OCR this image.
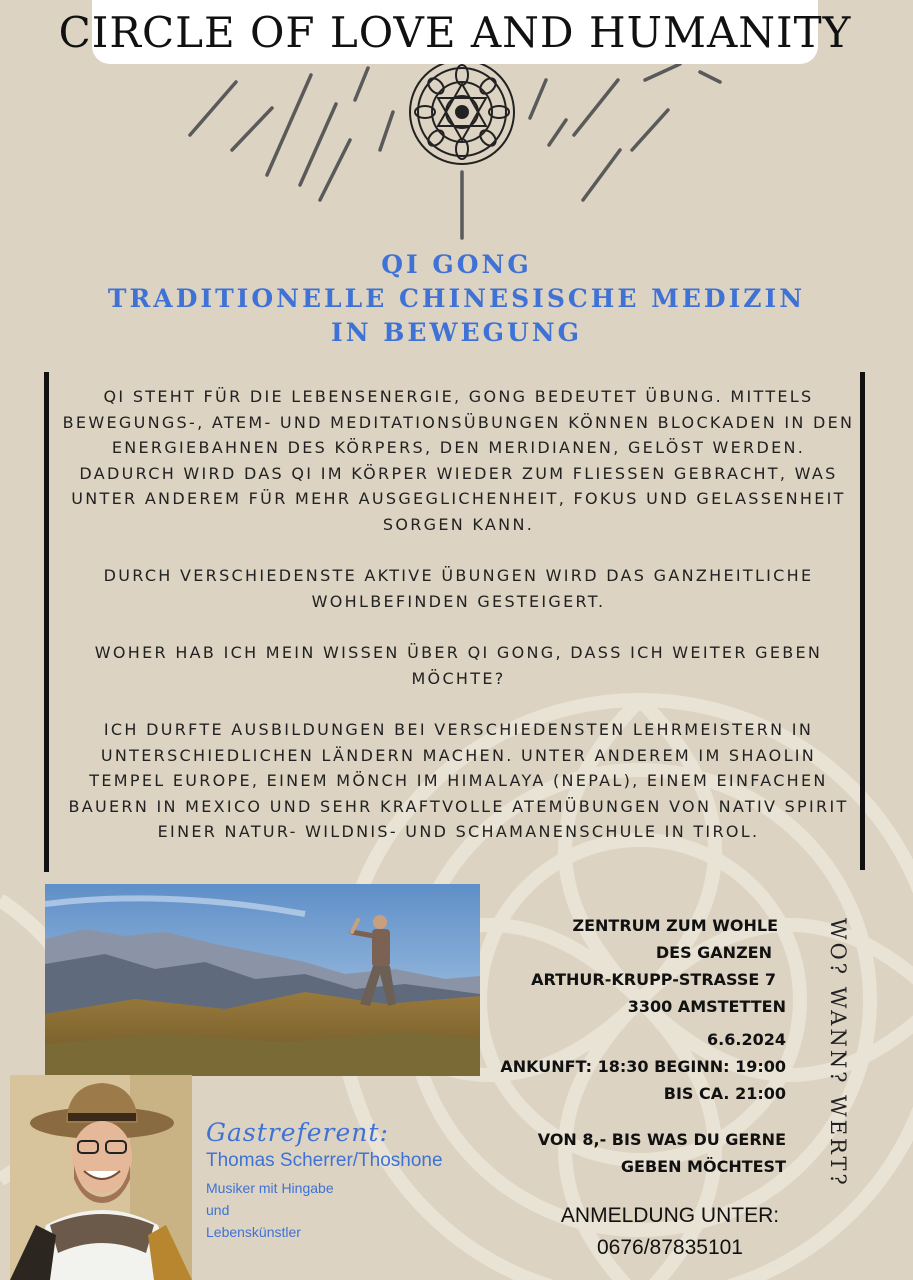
CIRCLE OF LOVE AND HUMANITY
QI GONG
TRADITIONELLE CHINESISCHE MEDIZIN
IN BEWEGUNG

QI STEHT FÜR DIE LEBENSENERGIE, GONG BEDEUTET ÜBUNG. MITTELS BEWEGUNGS-, ATEM- UND MEDITATIONSÜBUNGEN KÖNNEN BLOCKADEN IN DEN ENERGIEBAHNEN DES KÖRPERS, DEN MERIDIANEN, GELÖST WERDEN. DADURCH WIRD DAS QI IM KÖRPER WIEDER ZUM FLIESSEN GEBRACHT, WAS UNTER ANDEREM FÜR MEHR AUSGEGLICHENHEIT, FOKUS UND GELASSENHEIT SORGEN KANN.

DURCH VERSCHIEDENSTE AKTIVE ÜBUNGEN WIRD DAS GANZHEITLICHE WOHLBEFINDEN GESTEIGERT.

WOHER HAB ICH MEIN WISSEN ÜBER QI GONG, DASS ICH WEITER GEBEN MÖCHTE?

ICH DURFTE AUSBILDUNGEN BEI VERSCHIEDENSTEN LEHRMEISTERN IN UNTERSCHIEDLICHEN LÄNDERN MACHEN. UNTER ANDEREM IM SHAOLIN TEMPEL EUROPE, EINEM MÖNCH IM HIMALAYA (NEPAL), EINEM EINFACHEN BAUERN IN MEXICO UND SEHR KRAFTVOLLE ATEMÜBUNGEN VON NATIV SPIRIT EINER NATUR- WILDNIS- UND SCHAMANENSCHULE IN TIROL.

Gastreferent:
Thomas Scherrer/Thoshone
Musiker mit Hingabe
und
Lebenskünstler
ZENTRUM ZUM WOHLE
DES GANZEN
ARTHUR-KRUPP-STRASSE 7
3300 AMSTETTEN
6.6.2024
ANKUNFT: 18:30 BEGINN: 19:00
BIS CA. 21:00
VON 8,- BIS WAS DU GERNE
GEBEN MÖCHTEST
ANMELDUNG UNTER:
0676/87835101
WO? WANN? WERT?
